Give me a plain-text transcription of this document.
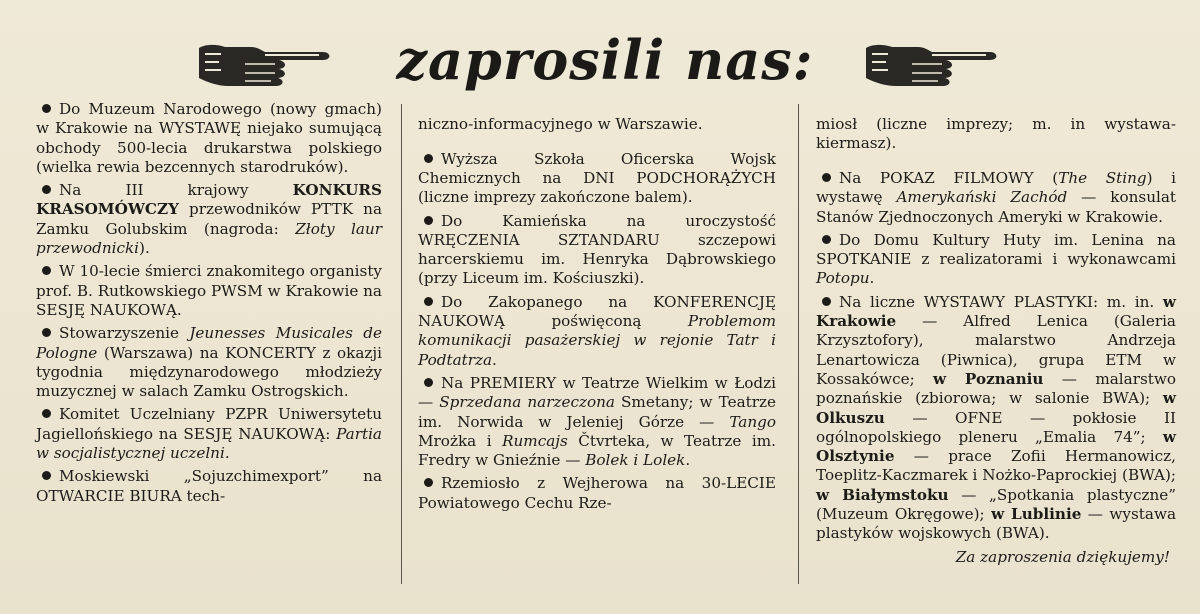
zaprosili nas:

Do Muzeum Narodowego (nowy gmach) w Krakowie na WYSTAWĘ niejako sumującą obchody 500-lecia drukarstwa polskiego (wielka rewia bezcennych starodruków).

Na III krajowy KONKURS KRASOMÓWCZY przewodników PTTK na Zamku Golubskim (nagroda: Złoty laur przewodnicki).

W 10-lecie śmierci znakomitego organisty prof. B. Rutkowskiego PWSM w Krakowie na SESJĘ NAUKOWĄ.

Stowarzyszenie Jeunesses Musicales de Pologne (Warszawa) na KONCERTY z okazji tygodnia międzynarodowego młodzieży muzycznej w salach Zamku Ostrogskich.

Komitet Uczelniany PZPR Uniwersytetu Jagiellońskiego na SESJĘ NAUKOWĄ: Partia w socjalistycznej uczelni.

Moskiewski „Sojuzchimexport” na OTWARCIE BIURA tech-

niczno-informacyjnego w Warszawie.

Wyższa Szkoła Oficerska Wojsk Chemicznych na DNI PODCHORĄŻYCH (liczne imprezy zakończone balem).

Do Kamieńska na uroczystość WRĘCZENIA SZTANDARU szczepowi harcerskiemu im. Henryka Dąbrowskiego (przy Liceum im. Kościuszki).

Do Zakopanego na KONFERENCJĘ NAUKOWĄ poświęconą Problemom komunikacji pasażerskiej w rejonie Tatr i Podtatrza.

Na PREMIERY w Teatrze Wielkim w Łodzi — Sprzedana narzeczona Smetany; w Teatrze im. Norwida w Jeleniej Górze — Tango Mrożka i Rumcajs Čtvrteka, w Teatrze im. Fredry w Gnieźnie — Bolek i Lolek.

Rzemiosło z Wejherowa na 30-LECIE Powiatowego Cechu Rze-

miosł (liczne imprezy; m. in wystawa-kiermasz).

Na POKAZ FILMOWY (The Sting) i wystawę Amerykański Zachód — konsulat Stanów Zjednoczonych Ameryki w Krakowie.

Do Domu Kultury Huty im. Lenina na SPOTKANIE z realizatorami i wykonawcami Potopu.

Na liczne WYSTAWY PLASTYKI: m. in. w Krakowie — Alfred Lenica (Galeria Krzysztofory), malarstwo Andrzeja Lenartowicza (Piwnica), grupa ETM w Kossakówce; w Poznaniu — malarstwo poznańskie (zbiorowa; w salonie BWA); w Olkuszu — OFNE — pokłosie II ogólnopolskiego pleneru „Emalia 74”; w Olsztynie — prace Zofii Hermanowicz, Toeplitz-Kaczmarek i Nożko-Paprockiej (BWA); w Białymstoku — „Spotkania plastyczne” (Muzeum Okręgowe); w Lublinie — wystawa plastyków wojskowych (BWA).

Za zaproszenia dziękujemy!
